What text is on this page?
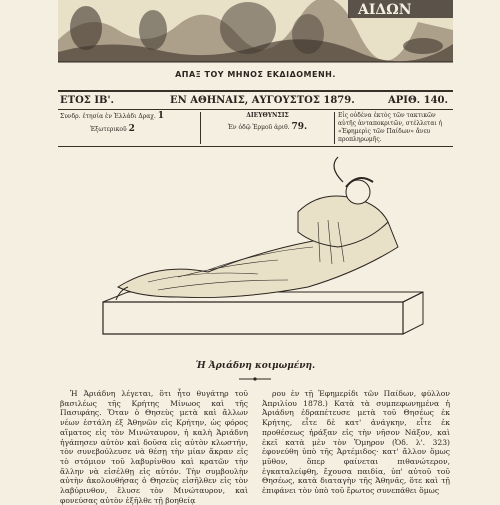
ΑΙΔΩΝ
ΑΠΑΞ ΤΟΥ ΜΗΝΟΣ ΕΚΔΙΔΟΜΕΝΗ.
ΕΤΟΣ ΙΒ'.	ΕΝ ΑΘΗΝΑΙΣ, ΑΥΓΟΥΣΤΟΣ 1879.	ΑΡΙΘ. 140.
Συνδρ. ἐτησία ἐν Ἑλλάδι Δραχ. 1
Ἐξωτερικοῦ 2
ΔΙΕΥΘΥΝΣΙΣ
Ἐν ὁδῷ Ἑρμοῦ ἀριθ. 79.
Εἰς οὐδένα ἐκτὸς τῶν τακτικῶν αὐτῆς ἀνταποκριτῶν, στέλλεται ἡ «Ἐφημερὶς τῶν Παίδων» ἄνευ προπληρωμῆς.
Ἡ Ἀριάδνη κοιμωμένη.

Ἡ Ἀριάδνη λέγεται, ὅτι ἦτο θυγάτηρ τοῦ βασιλέως τῆς Κρήτης Μίνωος καὶ τῆς Πασιφάης. Ὅταν ὁ Θησεὺς μετὰ καὶ ἄλλων νέων ἐστάλη ἐξ Ἀθηνῶν εἰς Κρήτην, ὡς φόρος αἵματος εἰς τὸν Μινώταυρον, ἡ καλὴ Ἀριάδνη ἠγάπησεν αὐτὸν καὶ δοῦσα εἰς αὐτὸν κλωστήν, τὸν συνεβούλευσε νὰ θέσῃ τὴν μίαν ἄκραν εἰς τὸ στόμιον τοῦ λαβυρίνθου καὶ κρατῶν τὴν ἄλλην νὰ εἰσέλθῃ εἰς αὐτόν. Τὴν συμβουλὴν αὐτὴν ἀκολουθήσας ὁ Θησεὺς εἰσῆλθεν εἰς τὸν λαβύρινθον, ἔλυσε τὸν Μινώταυρον, καὶ φονεύσας αὐτὸν ἐξῆλθε τῇ βοηθείᾳ

ρου ἐν τῇ Ἐφημερίδι τῶν Παίδων, φύλλον Ἀπριλίου 1878.) Κατὰ τὰ συμπεφωνημένα ἡ Ἀριάδνη ἐδραπέτευσε μετὰ τοῦ Θησέως ἐκ Κρήτης, εἶτε δὲ κατ' ἀνάγκην, εἶτε ἐκ προθέσεως ἠράξαν εἰς τὴν νῆσον Νάξον, καὶ ἐκεῖ κατὰ μὲν τὸν Ὅμηρον (Ὀδ. λ'. 323) ἐφονεύθη ὑπὸ τῆς Ἀρτέμιδος· κατ' ἄλλον ὅμως μῦθον, ὅπερ φαίνεται πιθανώτερον, ἐγκαταλείφθη, ἔχουσα παιδία, ὑπ' αὐτοῦ τοῦ Θησέως, κατὰ διαταγὴν τῆς Ἀθηνᾶς, ὅτε καὶ τῇ ἐπιφάνει τὸν ὑπὸ τοῦ ἔρωτος συνεπάθει ὅμως
